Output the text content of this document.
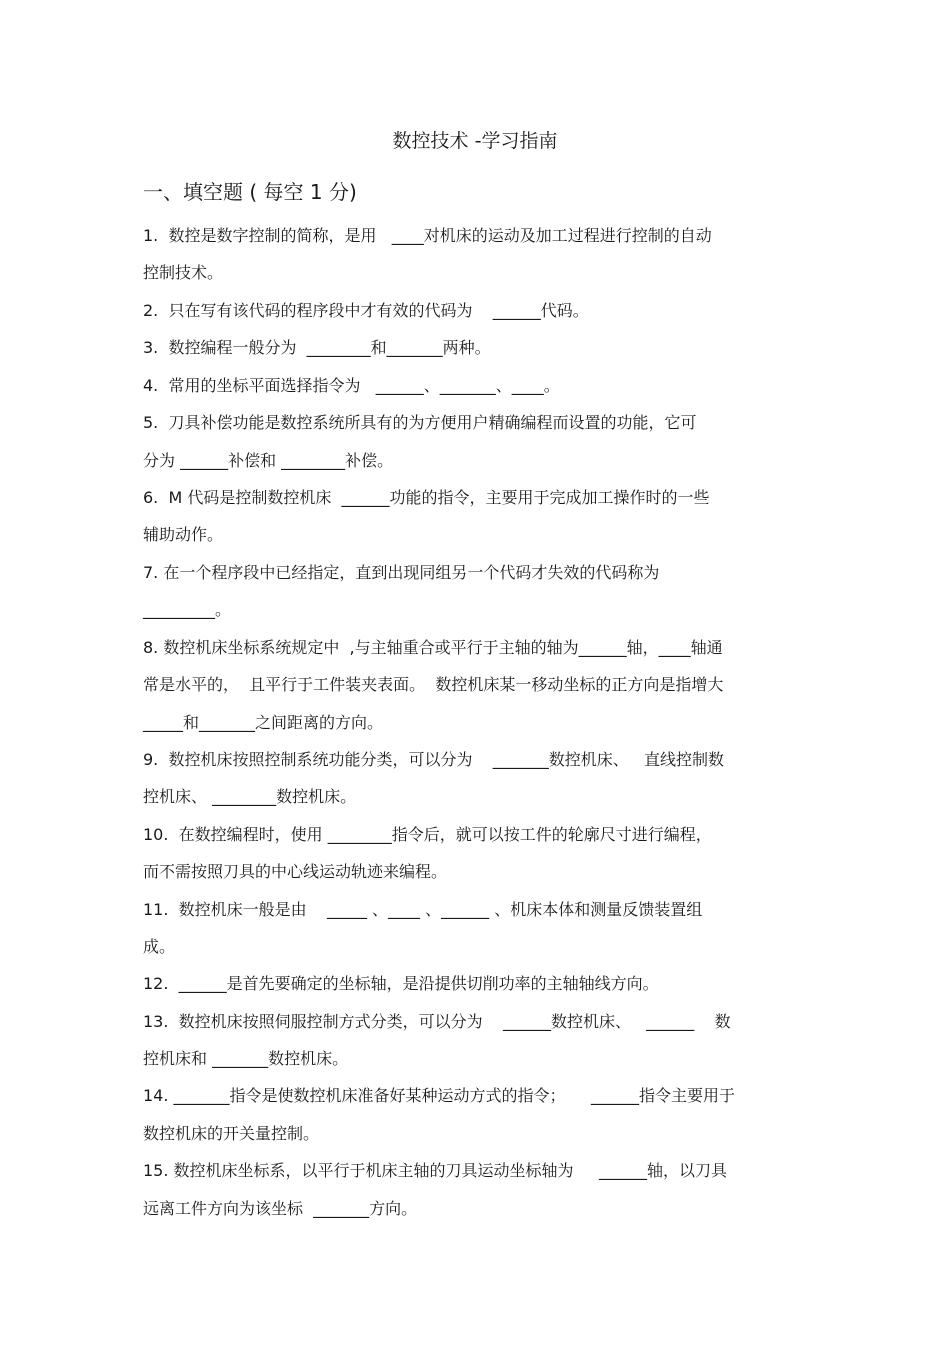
数控技术 -学习指南
一、填空题 ( 每空 1 分)
1.  数控是数字控制的简称，是用   ____对机床的运动及加工过程进行控制的自动
控制技术。
2.  只在写有该代码的程序段中才有效的代码为    ______代码。
3.  数控编程一般分为  ________和_______两种。
4.  常用的坐标平面选择指令为   ______、_______、____。
5.  刀具补偿功能是数控系统所具有的为方便用户精确编程而设置的功能，它可
分为 ______补偿和 ________补偿。
6.  M 代码是控制数控机床  ______功能的指令，主要用于完成加工操作时的一些
辅助动作。
7. 在一个程序段中已经指定，直到出现同组另一个代码才失效的代码称为
_________。
8. 数控机床坐标系统规定中  ,与主轴重合或平行于主轴的轴为______轴，____轴通
常是水平的，  且平行于工件装夹表面。  数控机床某一移动坐标的正方向是指增大
_____和_______之间距离的方向。
9.  数控机床按照控制系统功能分类，可以分为    _______数控机床、   直线控制数
控机床、 ________数控机床。
10.  在数控编程时，使用 ________指令后，就可以按工件的轮廓尺寸进行编程，
而不需按照刀具的中心线运动轨迹来编程。
11.  数控机床一般是由    _____ 、____ 、______ 、机床本体和测量反馈装置组
成。
12.  ______是首先要确定的坐标轴，是沿提供切削功率的主轴轴线方向。
13.  数控机床按照伺服控制方式分类，可以分为    ______数控机床、   ______    数
控机床和 _______数控机床。
14. _______指令是使数控机床准备好某种运动方式的指令；     ______指令主要用于
数控机床的开关量控制。
15. 数控机床坐标系，以平行于机床主轴的刀具运动坐标轴为     ______轴，以刀具
远离工件方向为该坐标  _______方向。
